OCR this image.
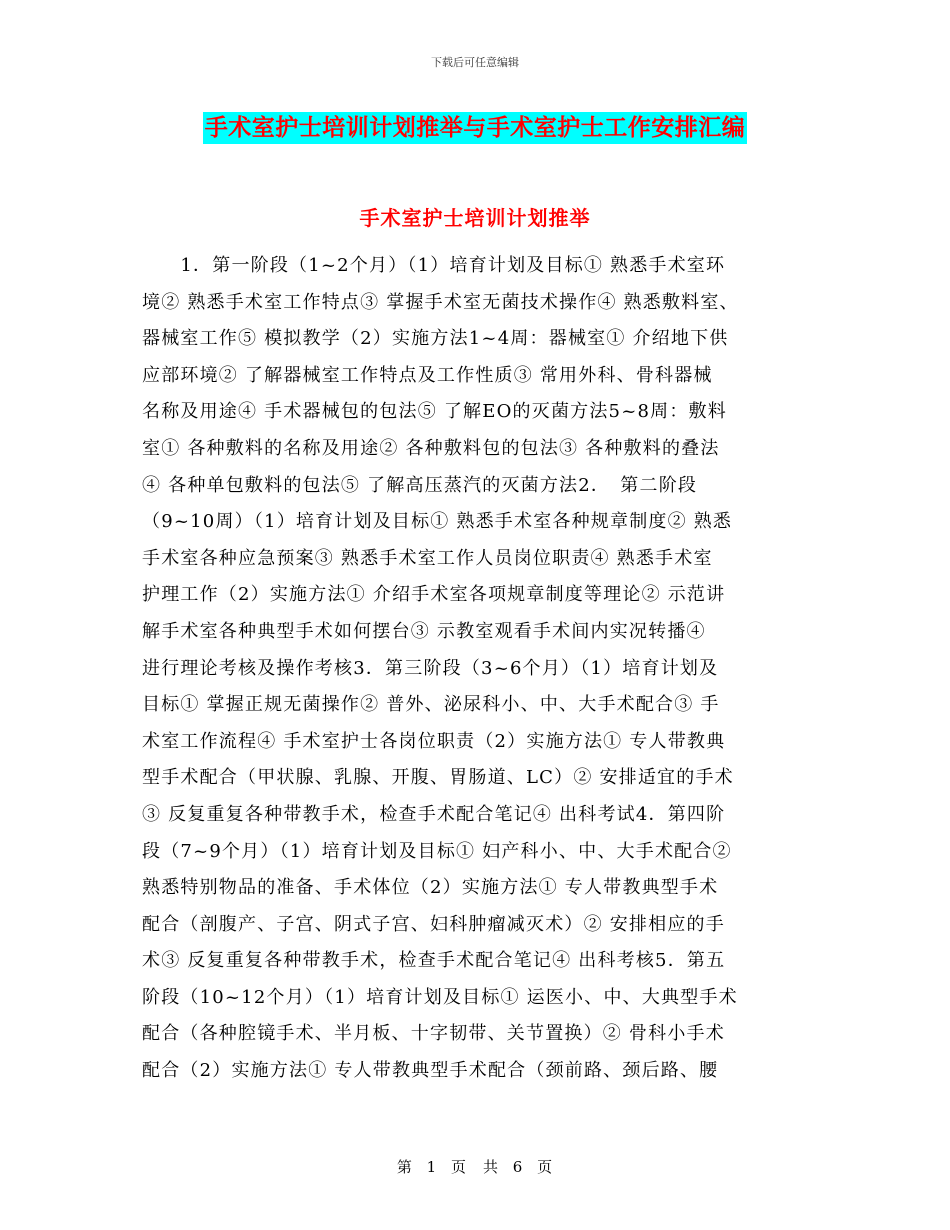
下载后可任意编辑
手术室护士培训计划推举与手术室护士工作安排汇编
手术室护士培训计划推举
　　1．第一阶段（1~2个月）（1）培育计划及目标① 熟悉手术室环
境② 熟悉手术室工作特点③ 掌握手术室无菌技术操作④ 熟悉敷料室、
器械室工作⑤ 模拟教学（2）实施方法1~4周：器械室① 介绍地下供
应部环境② 了解器械室工作特点及工作性质③ 常用外科、骨科器械
名称及用途④ 手术器械包的包法⑤ 了解EO的灭菌方法5~8周：敷料
室① 各种敷料的名称及用途② 各种敷料包的包法③ 各种敷料的叠法
④ 各种单包敷料的包法⑤ 了解高压蒸汽的灭菌方法2．　第二阶段
（9~10周）（1）培育计划及目标① 熟悉手术室各种规章制度② 熟悉
手术室各种应急预案③ 熟悉手术室工作人员岗位职责④ 熟悉手术室
护理工作（2）实施方法① 介绍手术室各项规章制度等理论② 示范讲
解手术室各种典型手术如何摆台③ 示教室观看手术间内实况转播④
进行理论考核及操作考核3．第三阶段（3~6个月）（1）培育计划及
目标① 掌握正规无菌操作② 普外、泌尿科小、中、大手术配合③ 手
术室工作流程④ 手术室护士各岗位职责（2）实施方法① 专人带教典
型手术配合（甲状腺、乳腺、开腹、胃肠道、LC）② 安排适宜的手术
③ 反复重复各种带教手术，检查手术配合笔记④ 出科考试4．第四阶
段（7~9个月）（1）培育计划及目标① 妇产科小、中、大手术配合②
熟悉特别物品的准备、手术体位（2）实施方法① 专人带教典型手术
配合（剖腹产、子宫、阴式子宫、妇科肿瘤减灭术）② 安排相应的手
术③ 反复重复各种带教手术，检查手术配合笔记④ 出科考核5．第五
阶段（10~12个月）（1）培育计划及目标① 运医小、中、大典型手术
配合（各种腔镜手术、半月板、十字韧带、关节置换）② 骨科小手术
配合（2）实施方法① 专人带教典型手术配合（颈前路、颈后路、腰
第 1 页　共 6 页
